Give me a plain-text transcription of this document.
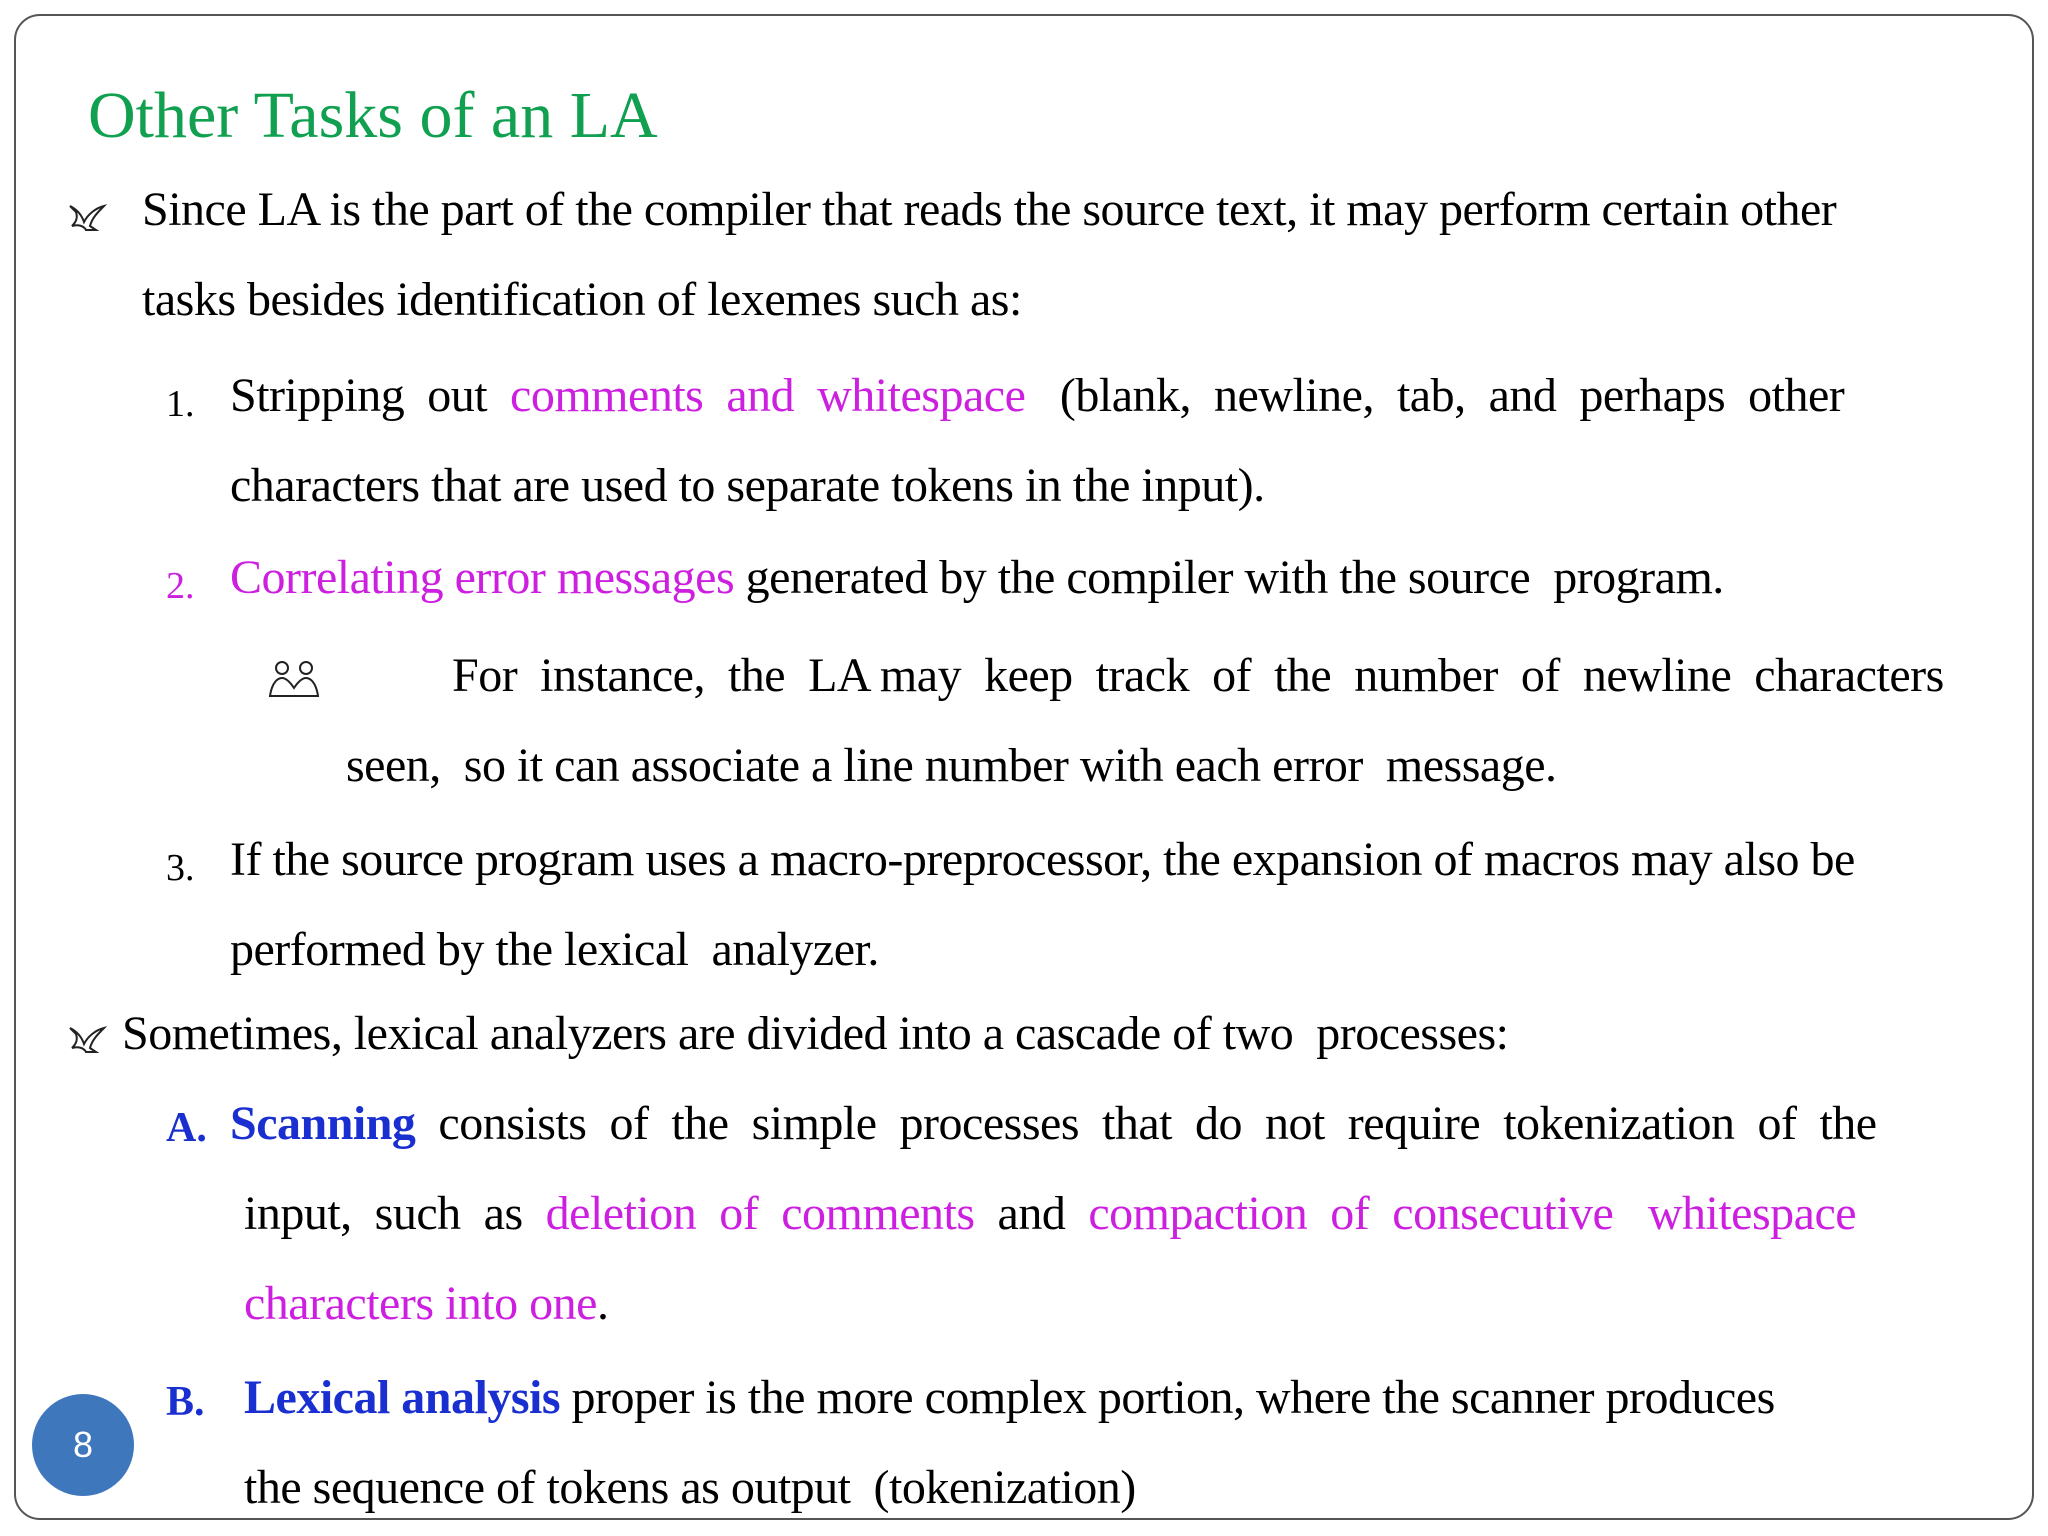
Other Tasks of an LA
Since LA is the part of the compiler that reads the source text, it may perform certain other
tasks besides identification of lexemes such as:
1. Stripping  out  comments  and  whitespace   (blank,  newline,  tab,  and  perhaps  other
characters that are used to separate tokens in the input).
2. Correlating error messages generated by the compiler with the source  program.
For  instance,  the  LA may  keep  track  of  the  number  of  newline  characters
seen,  so it can associate a line number with each error  message.
3. If the source program uses a macro-preprocessor, the expansion of macros may also be
performed by the lexical  analyzer.
Sometimes, lexical analyzers are divided into a cascade of two  processes:
A. Scanning  consists  of  the  simple  processes  that  do  not  require  tokenization  of  the
input,  such  as  deletion  of  comments  and  compaction  of  consecutive   whitespace
characters into one.
B. Lexical analysis proper is the more complex portion, where the scanner produces
the sequence of tokens as output  (tokenization)
8
